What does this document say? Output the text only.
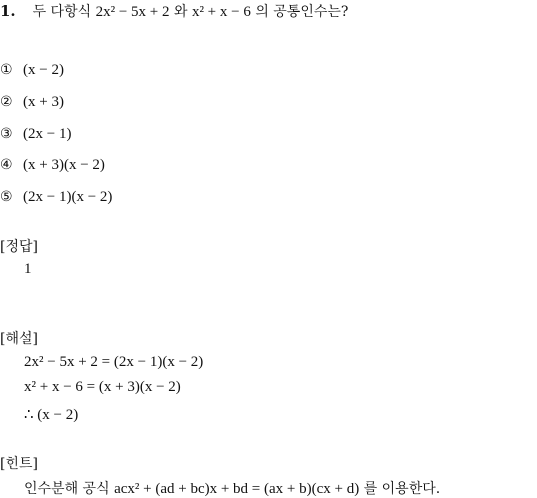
1. 두 다항식 2x² − 5x + 2 와 x² + x − 6 의 공통인수는?
① (x − 2)
② (x + 3)
③ (2x − 1)
④ (x + 3)(x − 2)
⑤ (2x − 1)(x − 2)
[정답]
1
[해설]
2x² − 5x + 2 = (2x − 1)(x − 2)
x² + x − 6 = (x + 3)(x − 2)
∴ (x − 2)
[힌트]
인수분해 공식 acx² + (ad + bc)x + bd = (ax + b)(cx + d) 를 이용한다.
